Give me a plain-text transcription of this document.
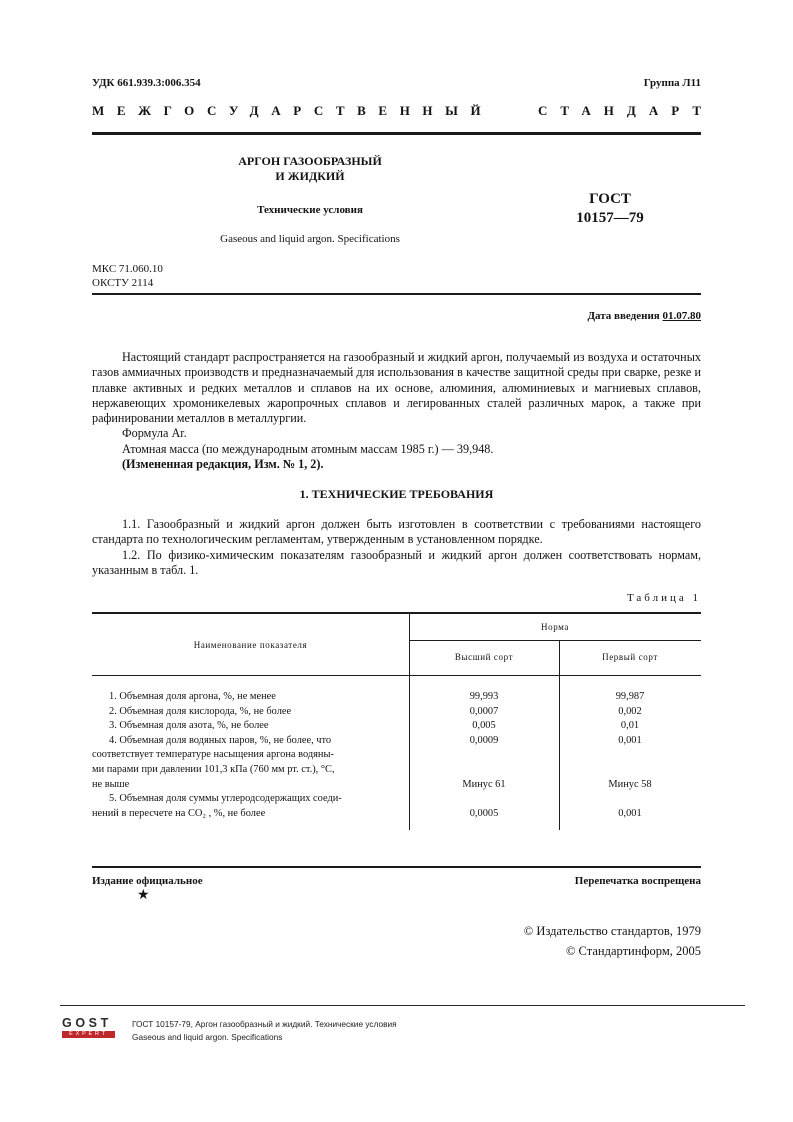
УДК 661.939.3:006.354	Группа Л11
МЕЖГОСУДАРСТВЕННЫЙ	СТАНДАРТ
АРГОН ГАЗООБРАЗНЫЙ
И ЖИДКИЙ
Технические условия
ГОСТ
10157—79
Gaseous and liquid argon. Specifications
МКС 71.060.10
ОКСТУ 2114
Дата введения 01.07.80

Настоящий стандарт распространяется на газообразный и жидкий аргон, получаемый из воздуха и остаточных газов аммиачных производств и предназначаемый для использования в качестве защитной среды при сварке, резке и плавке активных и редких металлов и сплавов на их основе, алюминия, алюминиевых и магниевых сплавов, нержавеющих хромоникелевых жаропрочных сплавов и легированных сталей различных марок, а также при рафинировании металлов в металлургии.

Формула Ar.

Атомная масса (по международным атомным массам 1985 г.) — 39,948.

(Измененная редакция, Изм. № 1, 2).

1. ТЕХНИЧЕСКИЕ ТРЕБОВАНИЯ

1.1. Газообразный и жидкий аргон должен быть изготовлен в соответствии с требованиями настоящего стандарта по технологическим регламентам, утвержденным в установленном порядке.

1.2. По физико-химическим показателям газообразный и жидкий аргон должен соответствовать нормам, указанным в табл. 1.

Таблица 1
Наименование показателя
Норма
Высший сорт	Первый сорт
1. Объемная доля аргона, %, не менее	99,993	99,987
2. Объемная доля кислорода, %, не более	0,0007	0,002
3. Объемная доля азота, %, не более	0,005	0,01
4. Объемная доля водяных паров, %, не более, что	0,0009	0,001
соответствует температуре насыщения аргона водяны-
ми парами при давлении 101,3 кПа (760 мм рт. ст.), °С,
не выше	Минус 61	Минус 58
5. Объемная доля суммы углеродсодержащих соеди-
нений в пересчете на CO₂ , %, не более	0,0005	0,001
Издание официальное
★
Перепечатка воспрещена
© Издательство стандартов, 1979
© Стандартинформ, 2005
GOST
EXPERT
ГОСТ 10157-79, Аргон газообразный и жидкий. Технические условия
Gaseous and liquid argon. Specifications
